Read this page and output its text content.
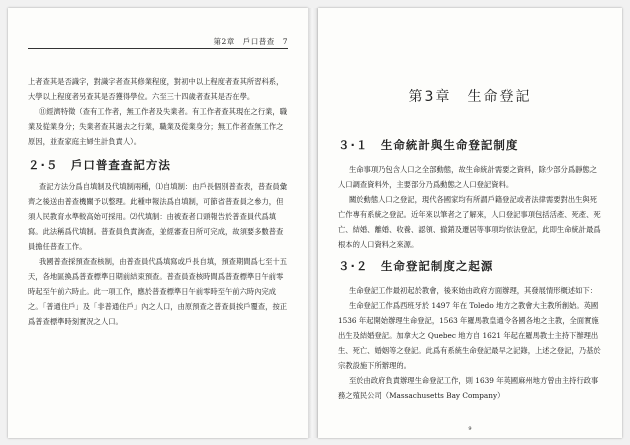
第2章　戶口普查　7

上者查其是否識字，對識字者查其修業程度，對初中以上程度者查其所習科系，大學以上程度者另查其是否獲得學位。六至三十四歲者查其是否在學。

⑪經濟特徵（查有工作者，無工作者及失業者。有工作者查其現在之行業，職業及從業身分；失業者查其過去之行業，職業及從業身分；無工作者查無工作之原因，並查家庭主婦生計負責人）。

２·５　戶口普查查記方法

查記方法分爲自填制及代填制兩種，⑴自填制：由戶長個別普查表，普查員彙齊之後送由普查機關予以整理。此種申報法爲自填制，可節省普查員之參力，但須人民教育水準較高始可採用。⑵代填制：由被查者口頭報告於普查員代爲填寫。此法稱爲代填制。普查員負責詢查，並經審查日所可完成，故須要多數普查員擔任普查工作。

我國普查採預查查核制，由普查員代爲填寫或戶長自填，預查期間爲七至十五天，各地區換爲普查標準日期前結束預查。普查員查核時間爲普查標準日午前零時起至午前六時止。此一項工作，應於普查標準日午前零時至午前六時內完成之。「普通住戶」及「非普通住戶」內之人口，由原預查之普查員挨戶覆查，按正爲普查標準時刻實況之人口。

第3章　生命登記
３·１　生命統計與生命登記制度

生命事項乃包含人口之全部動態，故生命統計需要之資料，除少部分爲靜態之人口調查資料外，主要部分乃爲動態之人口登記資料。

關於動態人口之登記，現代各國家均有所謂戶籍登記或者法律需要對出生與死亡作專有系統之登記。近年來以筆者之了解來，人口登記事項包括活產、死產、死亡、結婚、離婚、收養、認領、撤銷及遷居等事項均依法登記，此即生命統計最爲根本的人口資料之來源。

３·２　生命登記制度之起源

生命登記工作最初起於教會，後來始由政府方面辦理，其發展情形概述如下：

生命登記工作爲西班牙於 1497 年在 Toledo 地方之教會大主教所創始。英國 1536 年起開始辦理生命登記，1563 年羅馬教皇通令各國各地之主教，全面實施出生及結婚登記。加拿大之 Quebec 地方自 1621 年起在羅馬教士主持下辦理出生、死亡、婚姻等之登記。此爲有系統生命登記最早之記錄，上述之登記，乃基於宗教設施下所辦理的。

至於由政府負責辦理生命登記工作，則 1639 年英國麻州地方曾由主持行政事務之殖民公司（Massachusetts Bay Company）

9
